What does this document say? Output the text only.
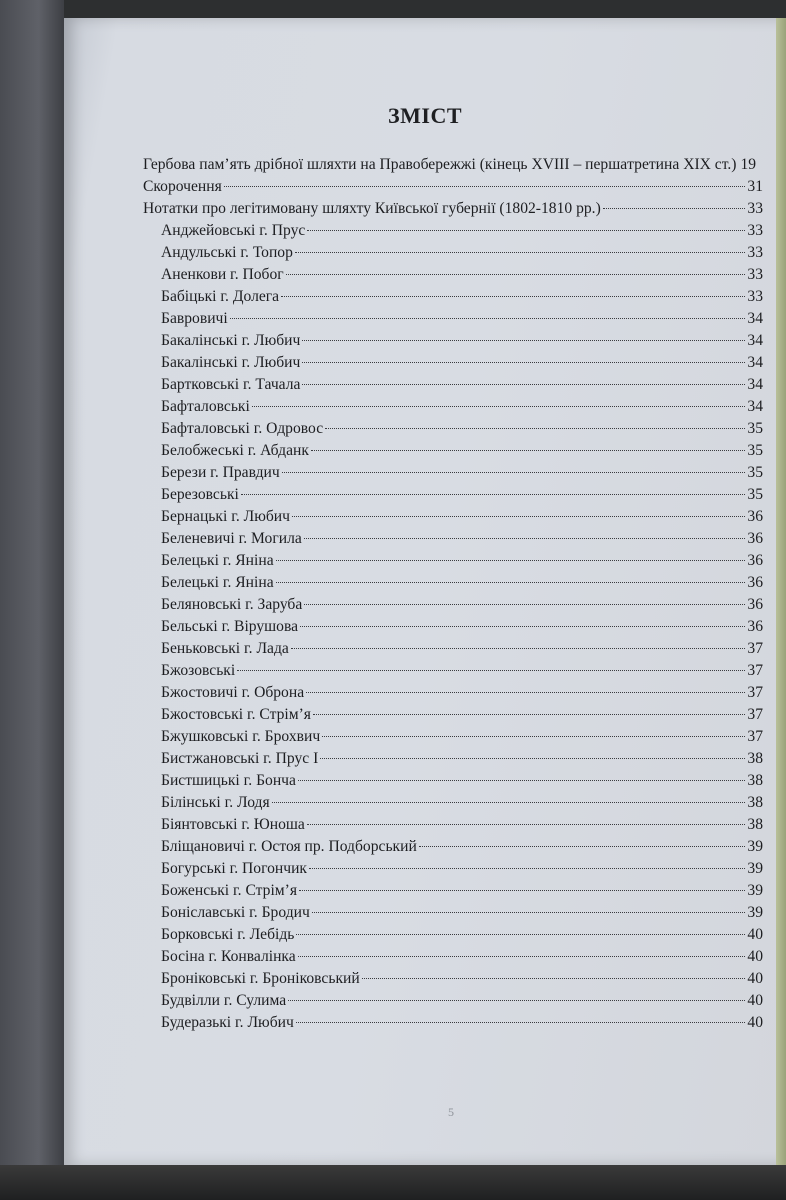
ЗМІСТ
Гербова пам’ять дрібної шляхти на Правобережжі (кінець XVIII – перша третина XIX ст.) 19
Скорочення	31
Нотатки про легітимовану шляхту Київської губернії (1802-1810 рр.)	33
Анджейовські г. Прус	33
Андульські г. Топор	33
Аненкови г. Побог	33
Бабіцькі г. Долега	33
Бавровичі	34
Бакалінські г. Любич	34
Бакалінські г. Любич	34
Бартковські г. Тачала	34
Бафталовські	34
Бафталовські г. Одровос	35
Белобжеські г. Абданк	35
Берези г. Правдич	35
Березовські	35
Бернацькі г. Любич	36
Беленевичі г. Могила	36
Белецькі г. Яніна	36
Белецькі г. Яніна	36
Беляновські г. Заруба	36
Бельські г. Вірушова	36
Беньковські г. Лада	37
Бжозовські	37
Бжостовичі г. Оброна	37
Бжостовські г. Стрім’я	37
Бжушковські г. Брохвич	37
Бистжановські г. Прус І	38
Бистшицькі г. Бонча	38
Білінські г. Лодя	38
Біянтовські г. Юноша	38
Бліщановичі г. Остоя пр. Подборський	39
Богурські г. Погончик	39
Боженські г. Стрім’я	39
Боніславські г. Бродич	39
Борковські г. Лебідь	40
Босіна г. Конвалінка	40
Броніковські г. Броніковський	40
Будвілли г. Сулима	40
Будеразькі г. Любич	40
5
